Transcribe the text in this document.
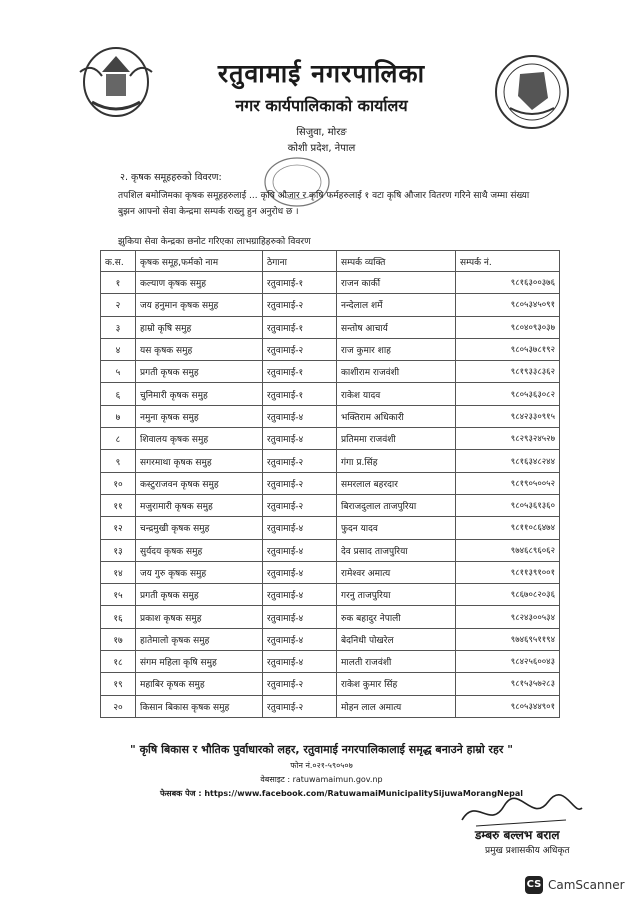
रतुवामाई नगरपालिका
नगर कार्यपालिकाको कार्यालय
सिजुवा, मोरङ
कोशी प्रदेश, नेपाल
२. कृषक समूहहरुको विवरण:
तपशिल बमोजिमका कृषक समूहहरुलाई ... कृषि औजार र कृषि फर्महरुलाई १ वटा कृषि औजार वितरण गरिने साथै जम्मा संख्या बुझन आफ्नो सेवा केन्द्रमा सम्पर्क राख्नु हुन अनुरोध छ ।
झुकिया सेवा केन्द्रका छनोट गरिएका लाभग्राहिहरुको विवरण
क.स.	कृषक समूह,फर्मको नाम	ठेगाना	सम्पर्क व्यक्ति	सम्पर्क नं.
१	कल्याण कृषक समुह	रतुवामाई-१	राजन कार्की	९८१६३००३७६
२	जय हनुमान कृषक समुह	रतुवामाई-२	नन्देलाल शर्मे	९८०५३४५०९१
३	हाम्रो कृषि समुह	रतुवामाई-१	सन्तोष आचार्य	९८०४०९३०३७
४	यस कृषक समुह	रतुवामाई-२	राज कुमार शाह	९८०५३७८१९२
५	प्रगती कृषक समुह	रतुवामाई-१	काशीराम राजवंशी	९८१९३३८३६२
६	चुनिमारी कृषक समुह	रतुवामाई-१	राकेश यादव	९८०५३६३०८२
७	नमुना कृषक समुह	रतुवामाई-४	भक्तिराम अधिकारी	९८४२३३०९१५
८	शिवालय कृषक समुह	रतुवामाई-४	प्रतिममा राजवंशी	९८२९३२४५२७
९	सगरमाथा कृषक समुह	रतुवामाई-२	गंगा प्र.सिंह	९८१६३४८२४४
१०	कस्टुराजवन कृषक समुह	रतुवामाई-२	समरलाल बहरदार	९८१९०५००५२
११	मजुरामारी कृषक समुह	रतुवामाई-२	बिराजदुलाल ताजपुरिया	९८०५३६१३६०
१२	चन्द्रमुखी कृषक समुह	रतुवामाई-४	फुदन यादव	९८११०८६४७४
१३	सुर्यदय कृषक समुह	रतुवामाई-४	देव प्रसाद ताजपुरिया	९७४६८९६०६२
१४	जय गुरु कृषक समुह	रतुवामाई-४	रामेश्वर अमात्य	९८११३९१००१
१५	प्रगती कृषक समुह	रतुवामाई-४	गरनु ताजपुरिया	९८६७०८२०३६
१६	प्रकाश कृषक समुह	रतुवामाई-४	रुक बहादुर नेपाली	९८२४३००५३४
१७	हातेमालो कृषक समुह	रतुवामाई-४	बेदनिधी पोखरेल	९७४६९५११९४
१८	संगम महिला कृषि समुह	रतुवामाई-४	मालती राजवंशी	९८४२५६००४३
१९	महाबिर कृषक समुह	रतुवामाई-२	राकेश कुमार सिंह	९८१५३५७२८३
२०	किसान बिकास कृषक समुह	रतुवामाई-२	मोहन लाल अमात्य	९८०५३४४९०१
" कृषि बिकास र भौतिक पुर्वाधारको लहर, रतुवामाई नगरपालिकालाई समृद्ध बनाउने हाम्रो रहर "
फोन नं.०२१-५९०५०७
वेबसाइट : ratuwamaimun.gov.np
फेसबक पेज : https://www.facebook.com/RatuwamaiMunicipalitySijuwaMorangNepal
डम्बरु बल्लभ बराल
प्रमुख प्रशासकीय अधिकृत
CS CamScanner
